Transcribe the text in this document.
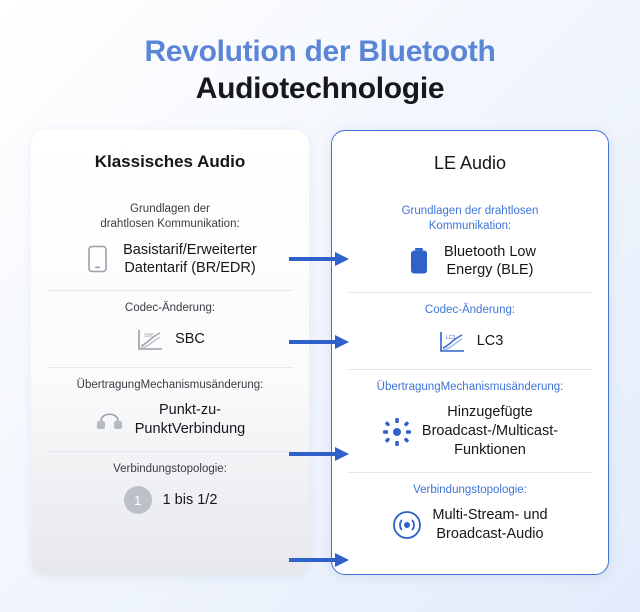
Revolution der Bluetooth
Audiotechnologie
Klassisches Audio
Grundlagen der
drahtlosen Kommunikation:
Basistarif/Erweiterter
Datentarif (BR/EDR)
Codec-Änderung:
SBC SBC
ÜbertragungMechanismusänderung:
Punkt-zu-
PunktVerbindung
Verbindungstopologie:
1	1 bis 1/2
LE Audio
Grundlagen der drahtlosen
Kommunikation:
Bluetooth Low
Energy (BLE)
Codec-Änderung:
LC3 LC3
ÜbertragungMechanismusänderung:
Hinzugefügte
Broadcast-/Multicast-
Funktionen
Verbindungstopologie:
Multi-Stream- und
Broadcast-Audio
